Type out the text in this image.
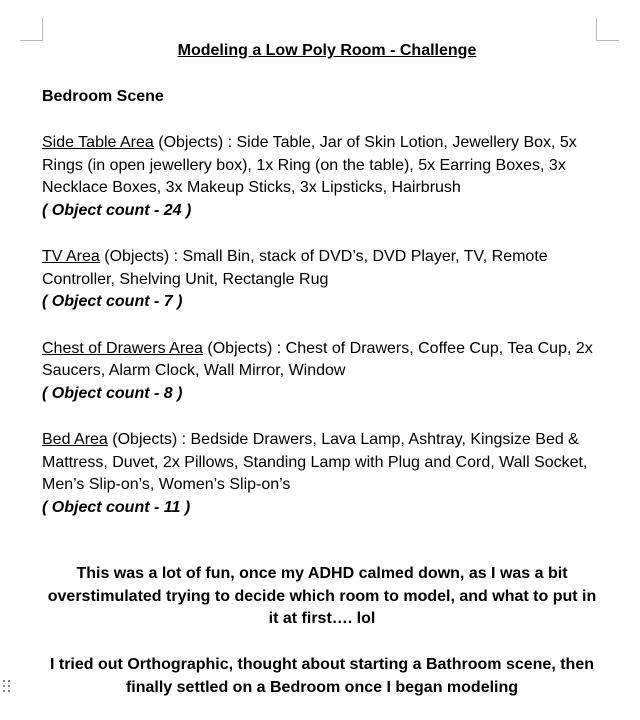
Modeling a Low Poly Room - Challenge

Bedroom Scene

Side Table Area (Objects) : Side Table, Jar of Skin Lotion, Jewellery Box, 5x Rings (in open jewellery box), 1x Ring (on the table), 5x Earring Boxes, 3x Necklace Boxes, 3x Makeup Sticks, 3x Lipsticks, Hairbrush

( Object count - 24 )

TV Area (Objects) : Small Bin, stack of DVD’s, DVD Player, TV, Remote Controller, Shelving Unit, Rectangle Rug

( Object count - 7 )

Chest of Drawers Area (Objects) : Chest of Drawers, Coffee Cup, Tea Cup, 2x Saucers, Alarm Clock, Wall Mirror, Window

( Object count - 8 )

Bed Area (Objects) : Bedside Drawers, Lava Lamp, Ashtray, Kingsize Bed & Mattress, Duvet, 2x Pillows, Standing Lamp with Plug and Cord, Wall Socket, Men’s Slip-on’s, Women’s Slip-on’s

( Object count - 11 )

This was a lot of fun, once my ADHD calmed down, as I was a bit overstimulated trying to decide which room to model, and what to put in it at first…. lol

I tried out Orthographic, thought about starting a Bathroom scene, then finally settled on a Bedroom once I began modeling
